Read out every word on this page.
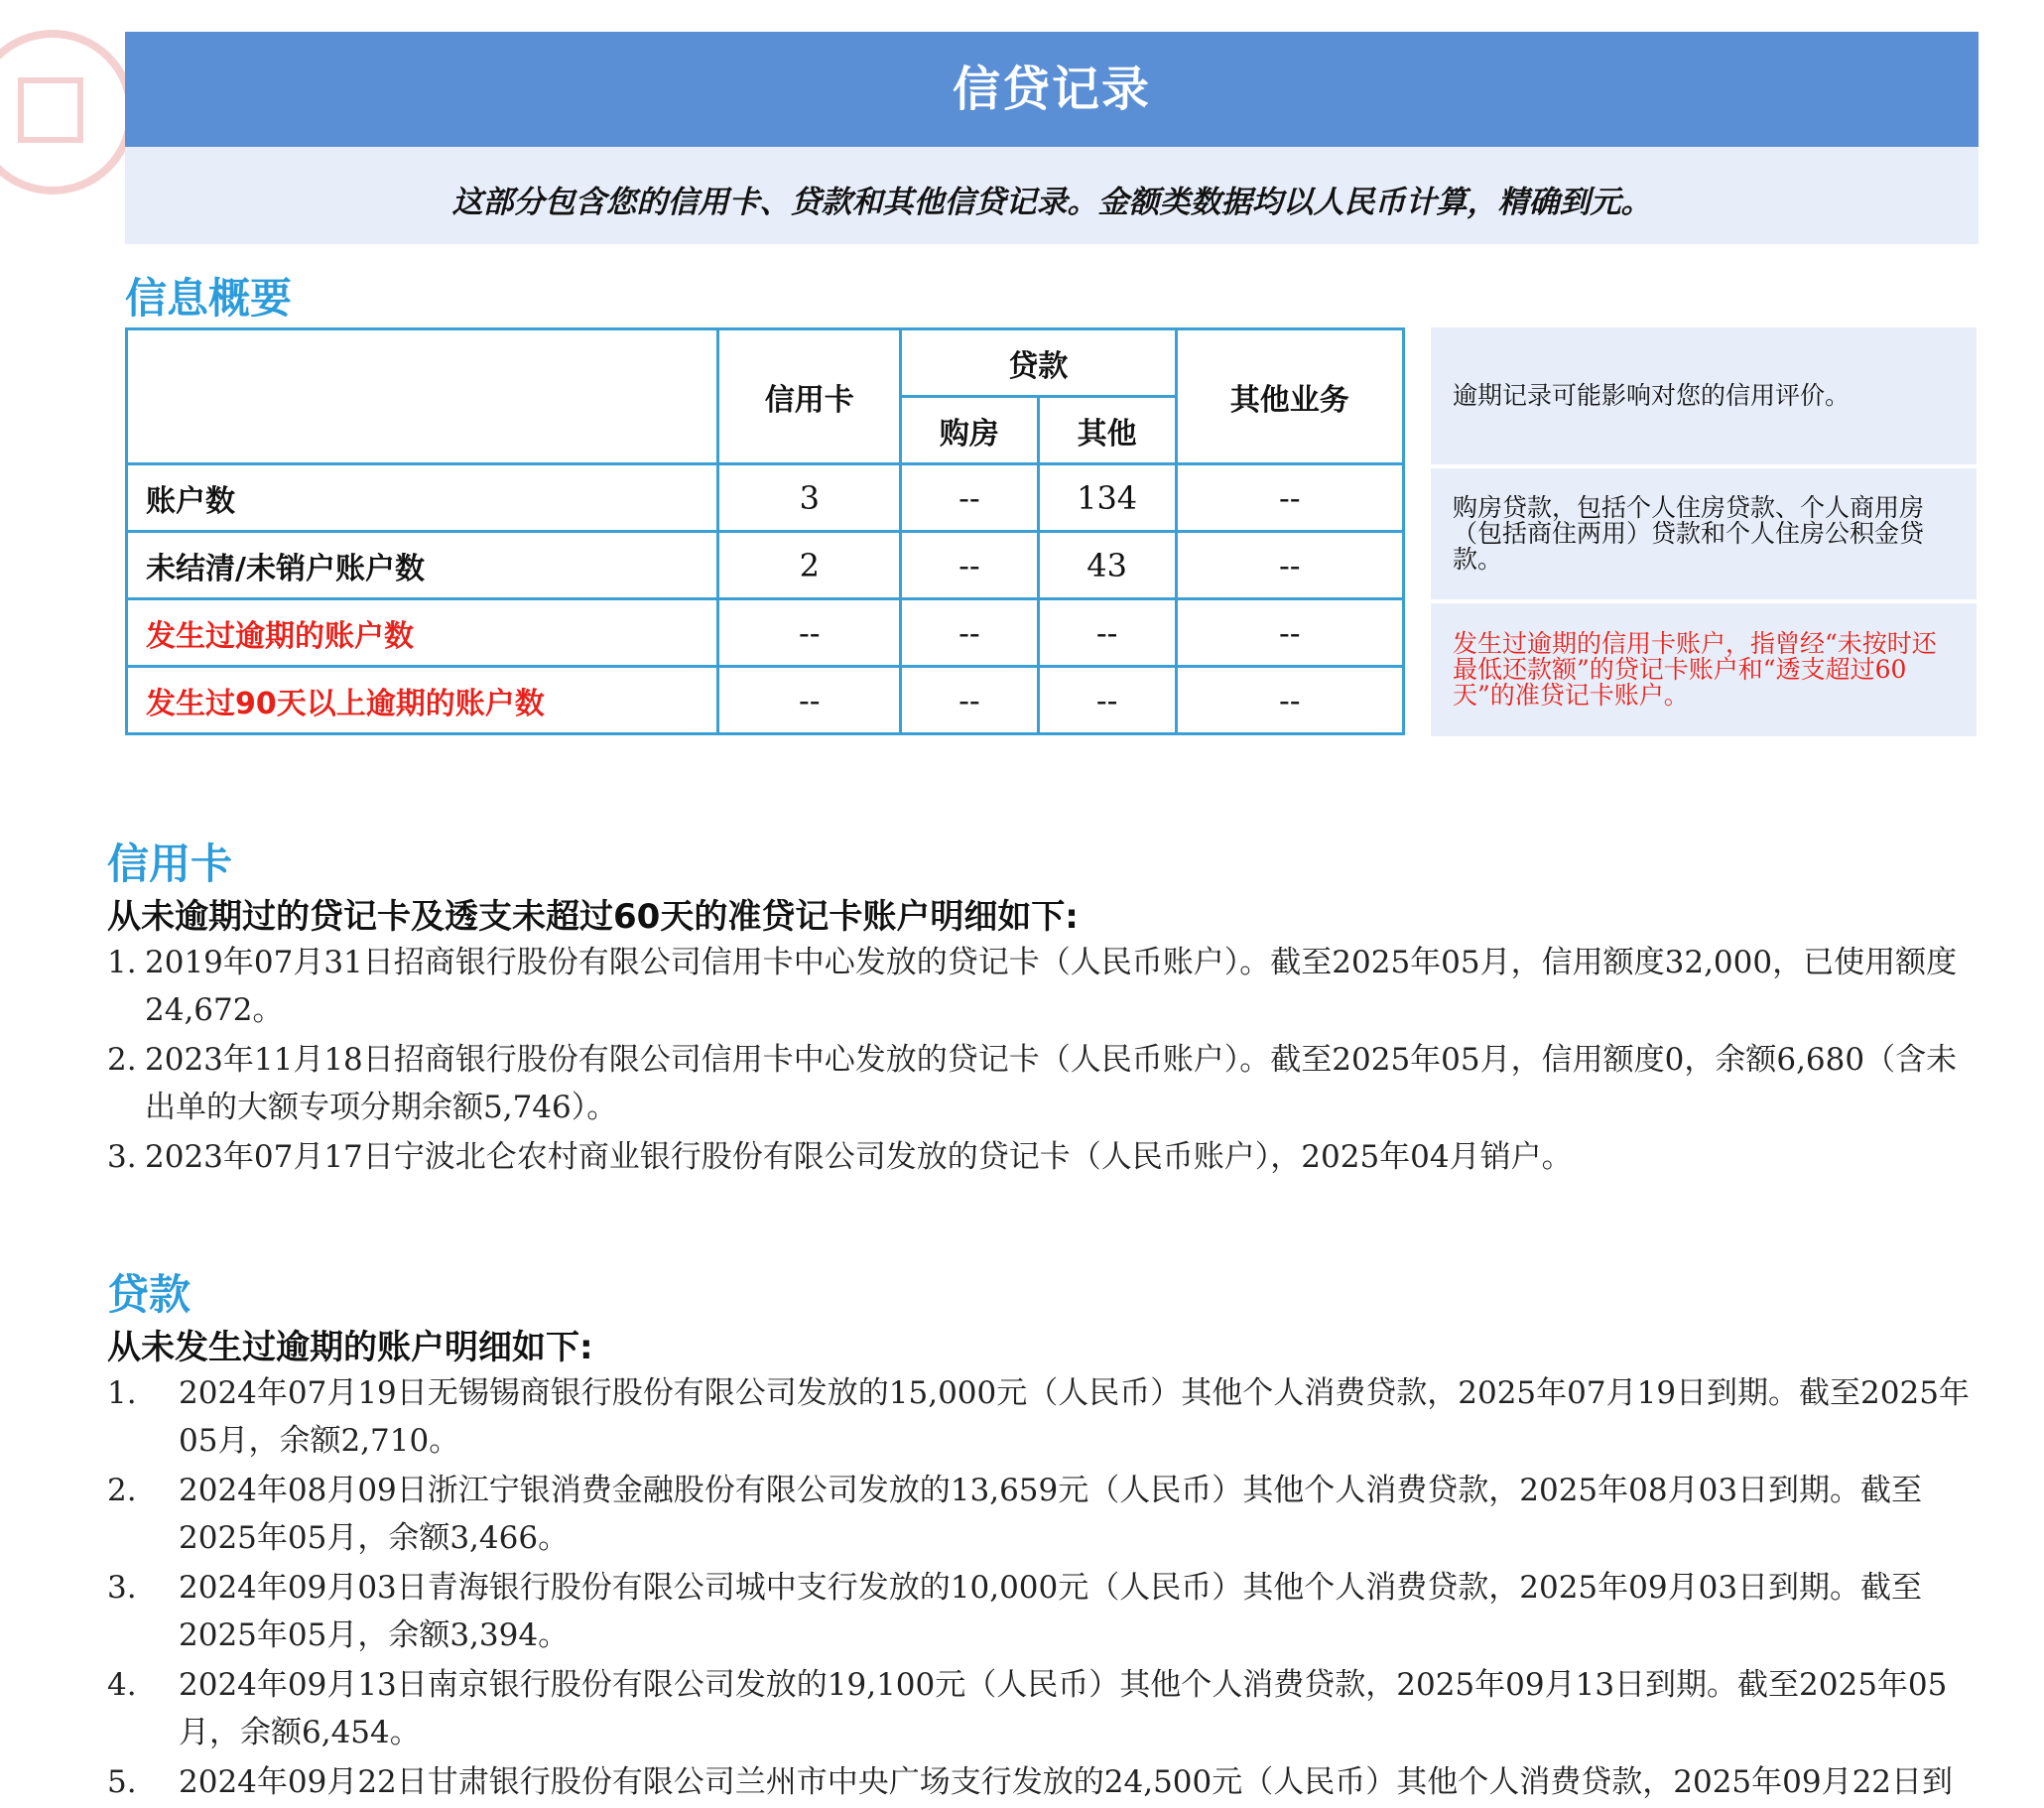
信贷记录
这部分包含您的信用卡、贷款和其他信贷记录。金额类数据均以人民币计算，精确到元。
信息概要
	信用卡	贷款		其他业务
		购房	其他	
账户数	3	--	134	--
未结清/未销户账户数	2	--	43	--
发生过逾期的账户数	--	--	--	--
发生过90天以上逾期的账户数	--	--	--	--
逾期记录可能影响对您的信用评价。
购房贷款，包括个人住房贷款、个人商用房（包括商住两用）贷款和个人住房公积金贷款。
发生过逾期的信用卡账户，指曾经“未按时还最低还款额”的贷记卡账户和“透支超过60天”的准贷记卡账户。
信用卡
从未逾期过的贷记卡及透支未超过60天的准贷记卡账户明细如下:
1. 2019年07月31日招商银行股份有限公司信用卡中心发放的贷记卡（人民币账户）。截至2025年05月，信用额度32,000，已使用额度24,672。
2. 2023年11月18日招商银行股份有限公司信用卡中心发放的贷记卡（人民币账户）。截至2025年05月，信用额度0，余额6,680（含未出单的大额专项分期余额5,746）。
3. 2023年07月17日宁波北仑农村商业银行股份有限公司发放的贷记卡（人民币账户），2025年04月销户。
贷款
从未发生过逾期的账户明细如下:
1. 2024年07月19日无锡锡商银行股份有限公司发放的15,000元（人民币）其他个人消费贷款，2025年07月19日到期。截至2025年05月，余额2,710。
2. 2024年08月09日浙江宁银消费金融股份有限公司发放的13,659元（人民币）其他个人消费贷款，2025年08月03日到期。截至2025年05月，余额3,466。
3. 2024年09月03日青海银行股份有限公司城中支行发放的10,000元（人民币）其他个人消费贷款，2025年09月03日到期。截至2025年05月，余额3,394。
4. 2024年09月13日南京银行股份有限公司发放的19,100元（人民币）其他个人消费贷款，2025年09月13日到期。截至2025年05月，余额6,454。
5. 2024年09月22日甘肃银行股份有限公司兰州市中央广场支行发放的24,500元（人民币）其他个人消费贷款，2025年09月22日到
